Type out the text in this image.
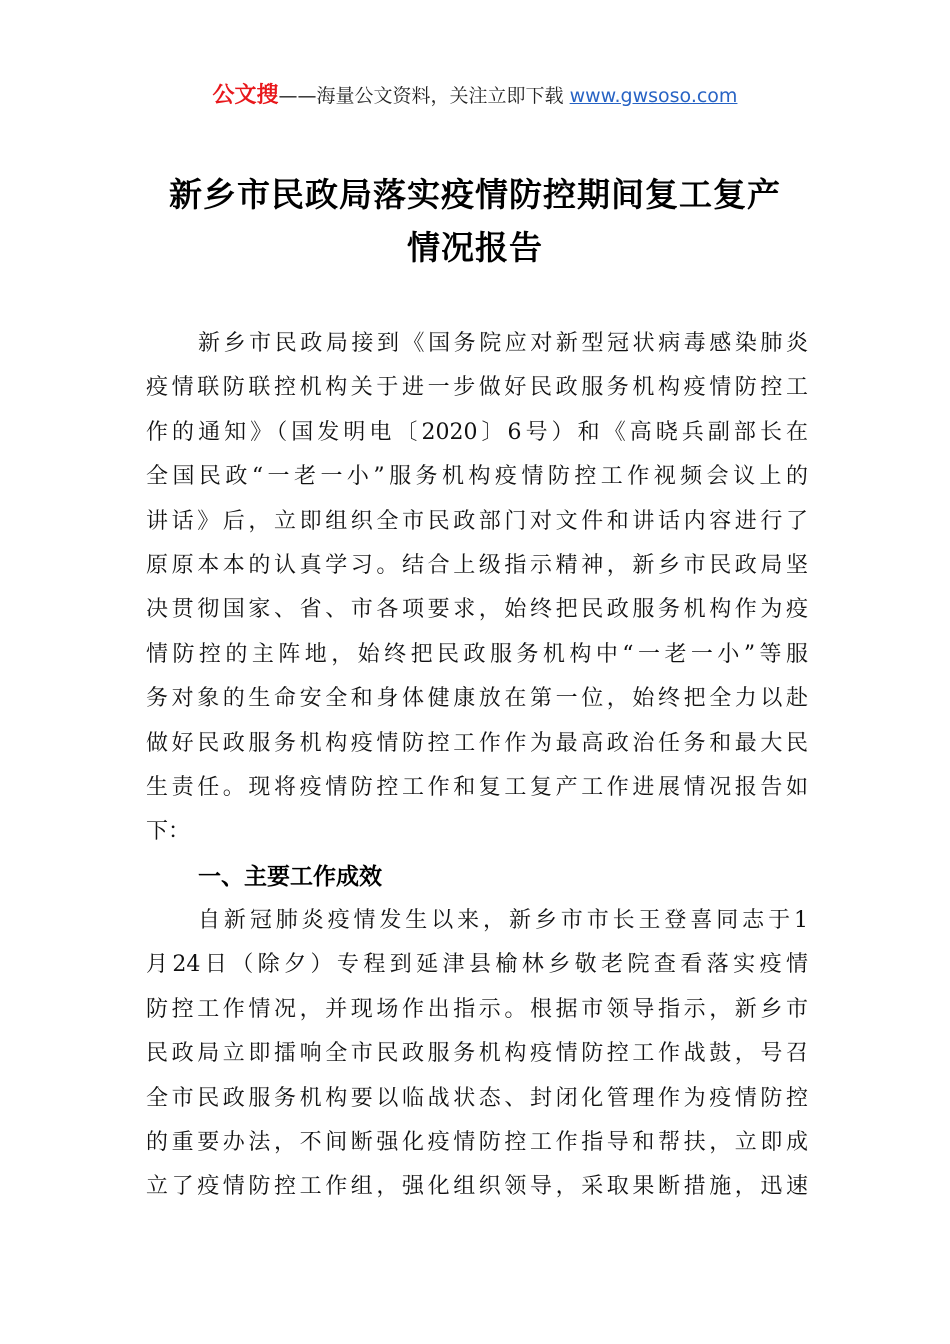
公文搜——海量公文资料，关注立即下载 www.gwsoso.com
新乡市民政局落实疫情防控期间复工复产
情况报告
新乡市民政局接到《国务院应对新型冠状病毒感染肺炎
疫情联防联控机构关于进一步做好民政服务机构疫情防控工
作的通知》（国发明电〔2020〕6号）和《高晓兵副部长在
全国民政“一老一小”服务机构疫情防控工作视频会议上的
讲话》后，立即组织全市民政部门对文件和讲话内容进行了
原原本本的认真学习。结合上级指示精神，新乡市民政局坚
决贯彻国家、省、市各项要求，始终把民政服务机构作为疫
情防控的主阵地，始终把民政服务机构中“一老一小”等服
务对象的生命安全和身体健康放在第一位，始终把全力以赴
做好民政服务机构疫情防控工作作为最高政治任务和最大民
生责任。现将疫情防控工作和复工复产工作进展情况报告如
下：
一、主要工作成效
自新冠肺炎疫情发生以来，新乡市市长王登喜同志于1
月24日（除夕）专程到延津县榆林乡敬老院查看落实疫情
防控工作情况，并现场作出指示。根据市领导指示，新乡市
民政局立即擂响全市民政服务机构疫情防控工作战鼓，号召
全市民政服务机构要以临战状态、封闭化管理作为疫情防控
的重要办法，不间断强化疫情防控工作指导和帮扶，立即成
立了疫情防控工作组，强化组织领导，采取果断措施，迅速
